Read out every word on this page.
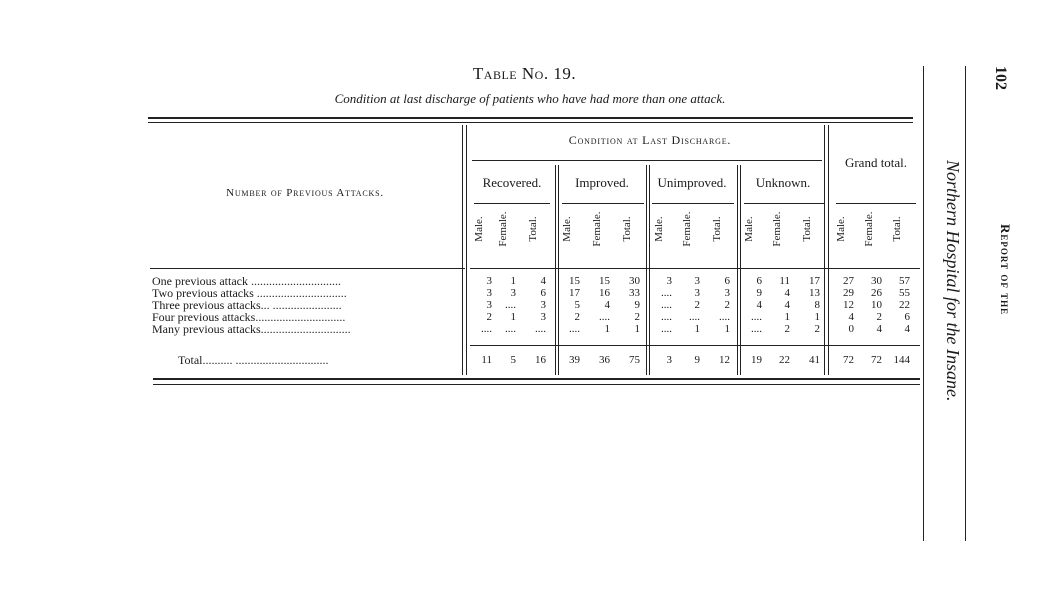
Table No. 19.
Condition at last discharge of patients who have had more than one attack.
Number of Previous Attacks.
Condition at Last Discharge.
Recovered.	Improved.	Unimproved.	Unknown.
Grand total.
Male. Female. Total. Male. Female. Total. Male. Female. Total. Male. Female. Total. Male. Female. Total.
One previous attack ..............................	3	1	4	15	15	30	3	3	6	6	11	17	27	30	57
Two previous attacks ..............................	3	3	6	17	16	33	....	3	3	9	4	13	29	26	55
Three previous attacks... .......................	3	....	3	5	4	9	....	2	2	4	4	8	12	10	22
Four previous attacks..............................	2	1	3	2	....	2	....	....	....	....	1	1	4	2	6
Many previous attacks..............................	....	....	....	....	1	1	....	1	1	....	2	2	0	4	4
Total.......... ...............................	11	5	16	39	36	75	3	9	12	19	22	41	72	72	144 Northern Hospital for the Insane.	Report of the
102
